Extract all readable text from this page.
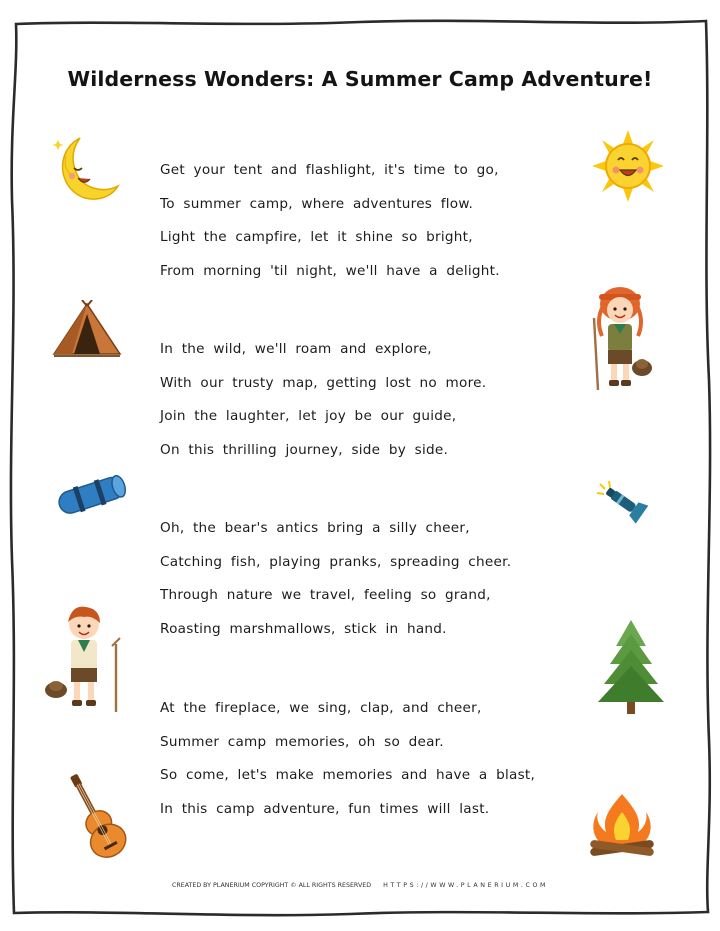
Wilderness Wonders: A Summer Camp Adventure!
Get your tent and flashlight, it's time to go,
To summer camp, where adventures flow.
Light the campfire, let it shine so bright,
From morning 'til night, we'll have a delight.
In the wild, we'll roam and explore,
With our trusty map, getting lost no more.
Join the laughter, let joy be our guide,
On this thrilling journey, side by side.
Oh, the bear's antics bring a silly cheer,
Catching fish, playing pranks, spreading cheer.
Through nature we travel, feeling so grand,
Roasting marshmallows, stick in hand.
At the fireplace, we sing, clap, and cheer,
Summer camp memories, oh so dear.
So come, let's make memories and have a blast,
In this camp adventure, fun times will last.
CREATED BY PLANERIUM COPYRIGHT © ALL RIGHTS RESERVED HTTPS://WWW.PLANERIUM.COM
